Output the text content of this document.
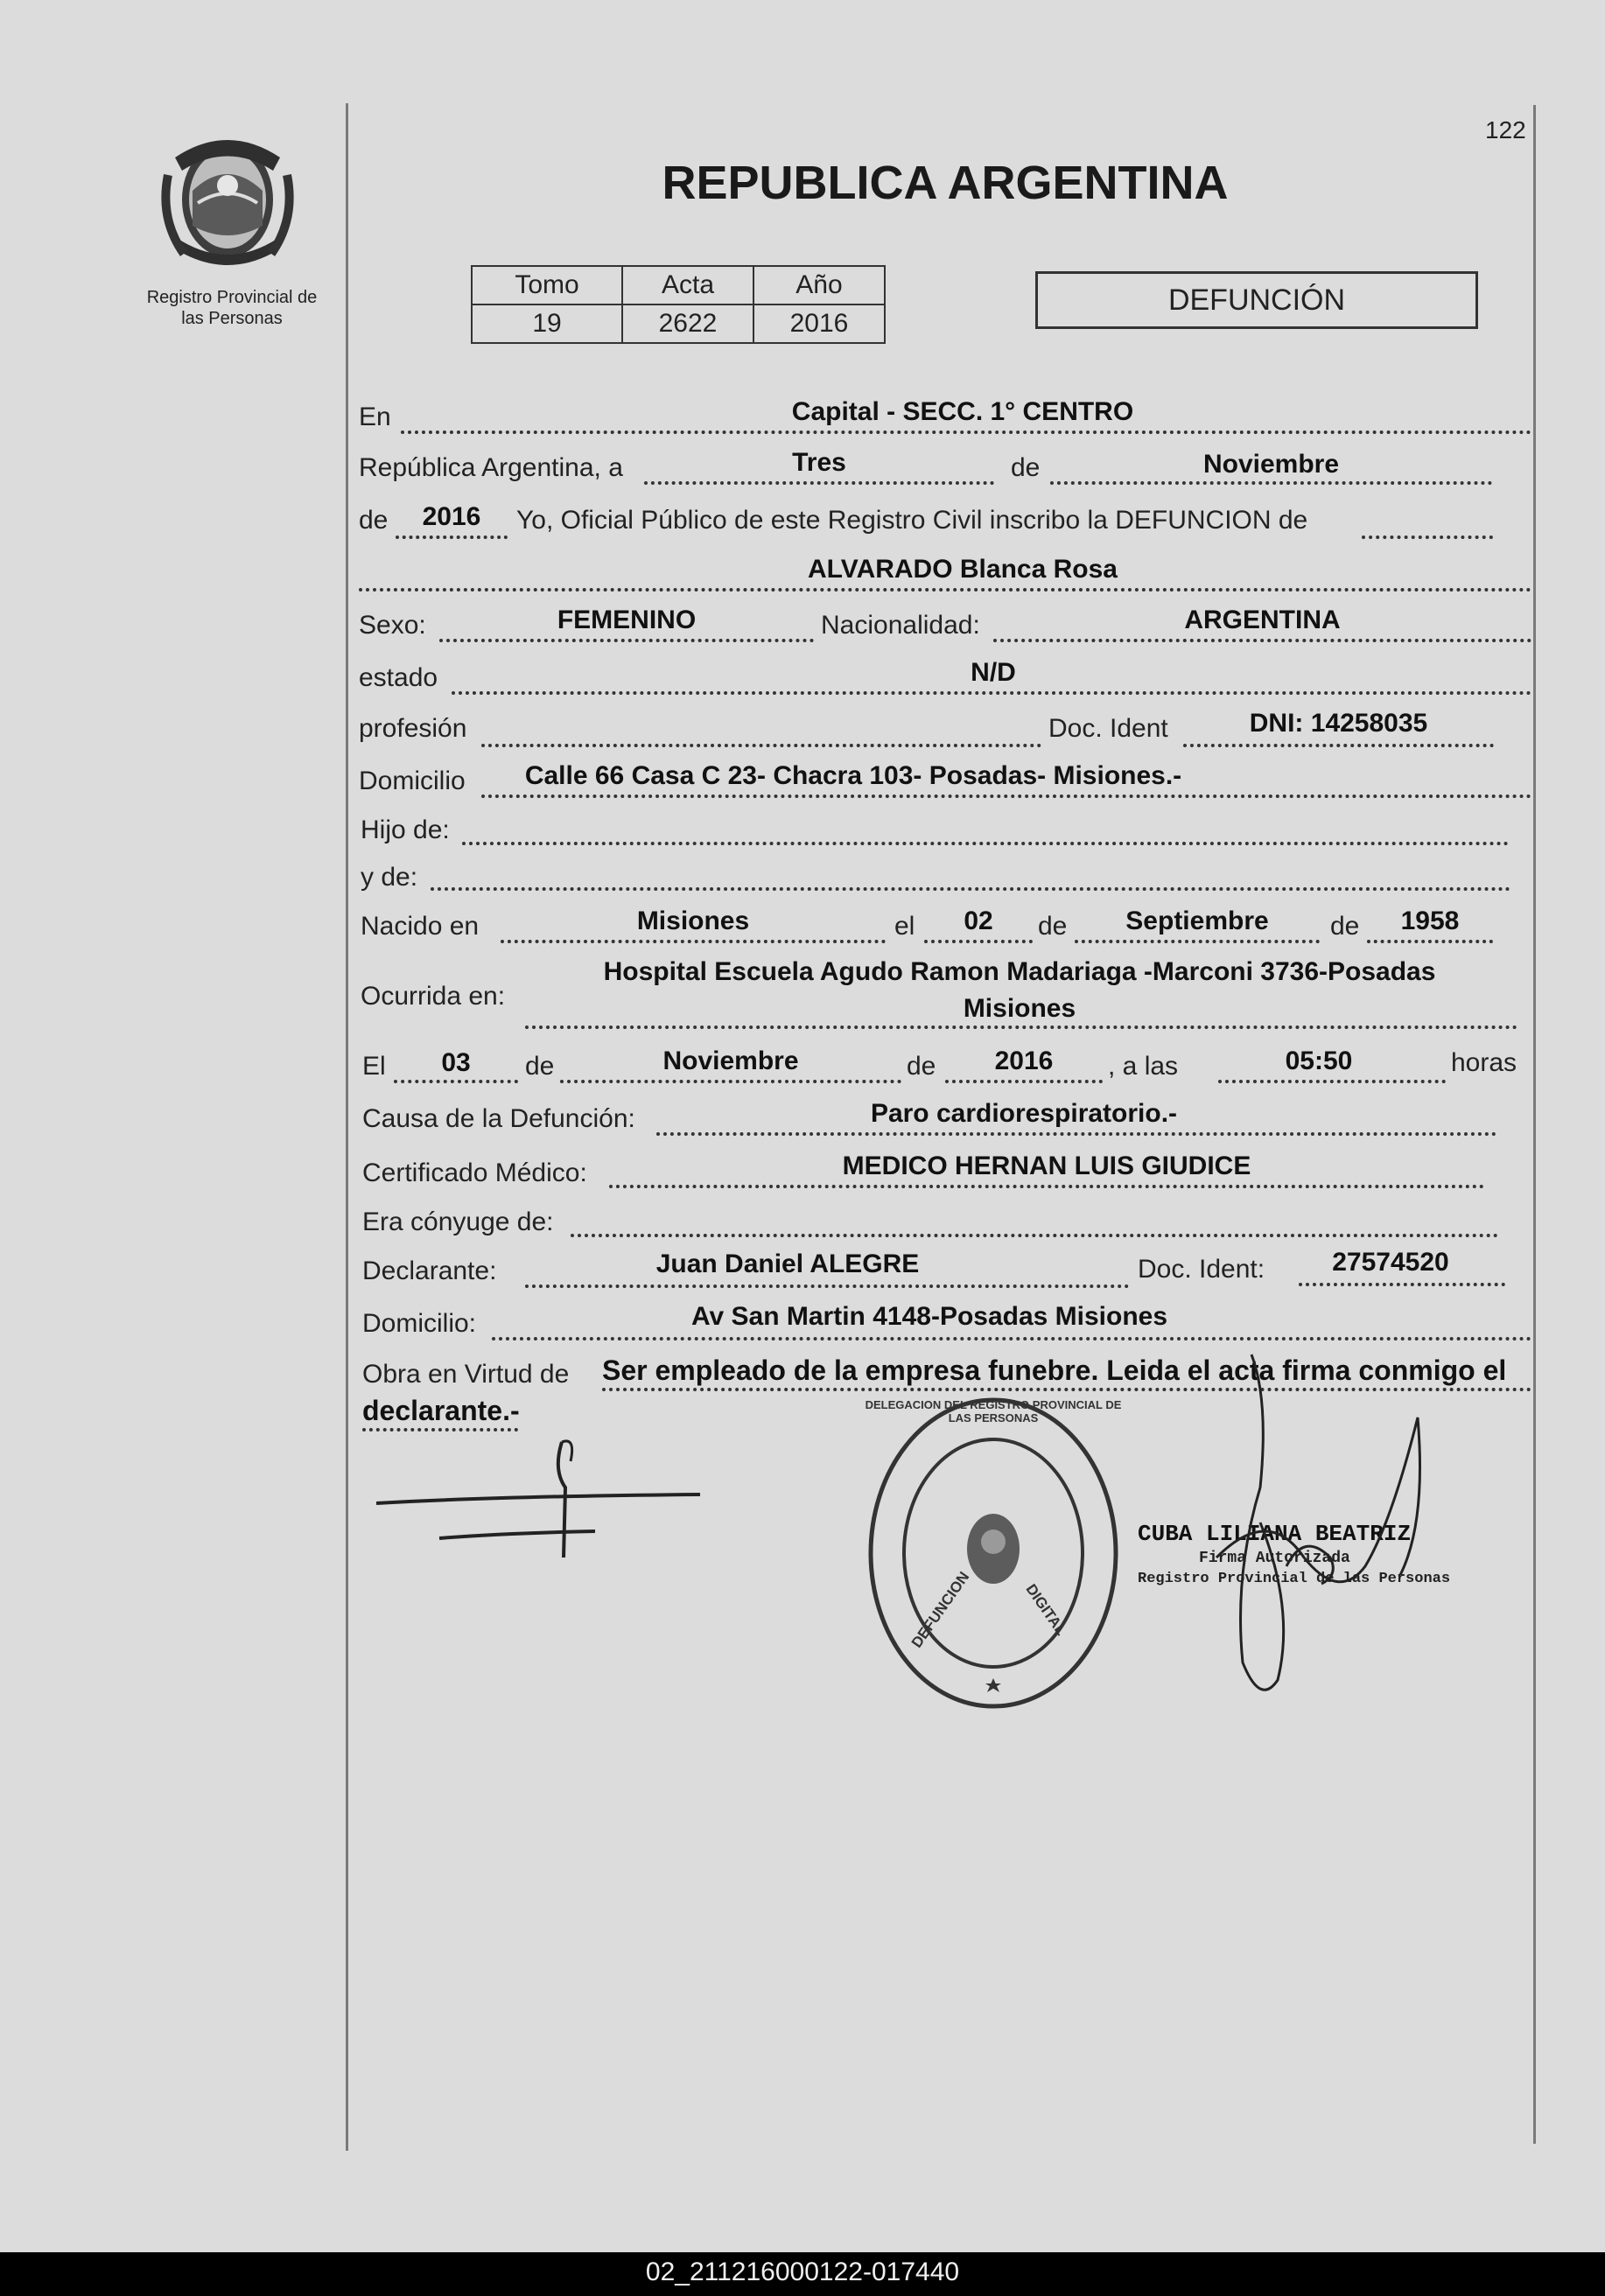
122
Registro Provincial de
las Personas
REPUBLICA ARGENTINA
Tomo	Acta	Año
19	2622	2016
DEFUNCIÓN
En	Capital - SECC. 1° CENTRO
República Argentina, a	Tres	de	Noviembre
de	2016	Yo, Oficial Público de este Registro Civil inscribo la DEFUNCION de
ALVARADO Blanca Rosa
Sexo:	FEMENINO	Nacionalidad:	ARGENTINA
estado	N/D
profesión	Doc. Ident	DNI: 14258035
Domicilio	Calle 66 Casa C 23- Chacra 103- Posadas- Misiones.-
Hijo de:
y de:
Nacido en	Misiones	el	02	de	Septiembre	de	1958
Ocurrida en:
Hospital Escuela Agudo Ramon Madariaga -Marconi 3736-Posadas
Misiones
El	03	de	Noviembre	de	2016	, a las	05:50	horas
Causa de la Defunción:	Paro cardiorespiratorio.-
Certificado Médico:	MEDICO HERNAN LUIS GIUDICE
Era cónyuge de:
Declarante:	Juan Daniel ALEGRE	Doc. Ident:	27574520
Domicilio:	Av San Martin 4148-Posadas Misiones
Obra en Virtud de Ser empleado de la empresa funebre. Leida el acta firma conmigo el
declarante.-	DELEGACION DEL REGISTRO PROVINCIAL DE LAS PERSONAS
DEFUNCION	DIGITAL
CUBA LILIANA BEATRIZ
Firma Autorizada
Registro Provincial de las Personas
02_211216000122-017440
